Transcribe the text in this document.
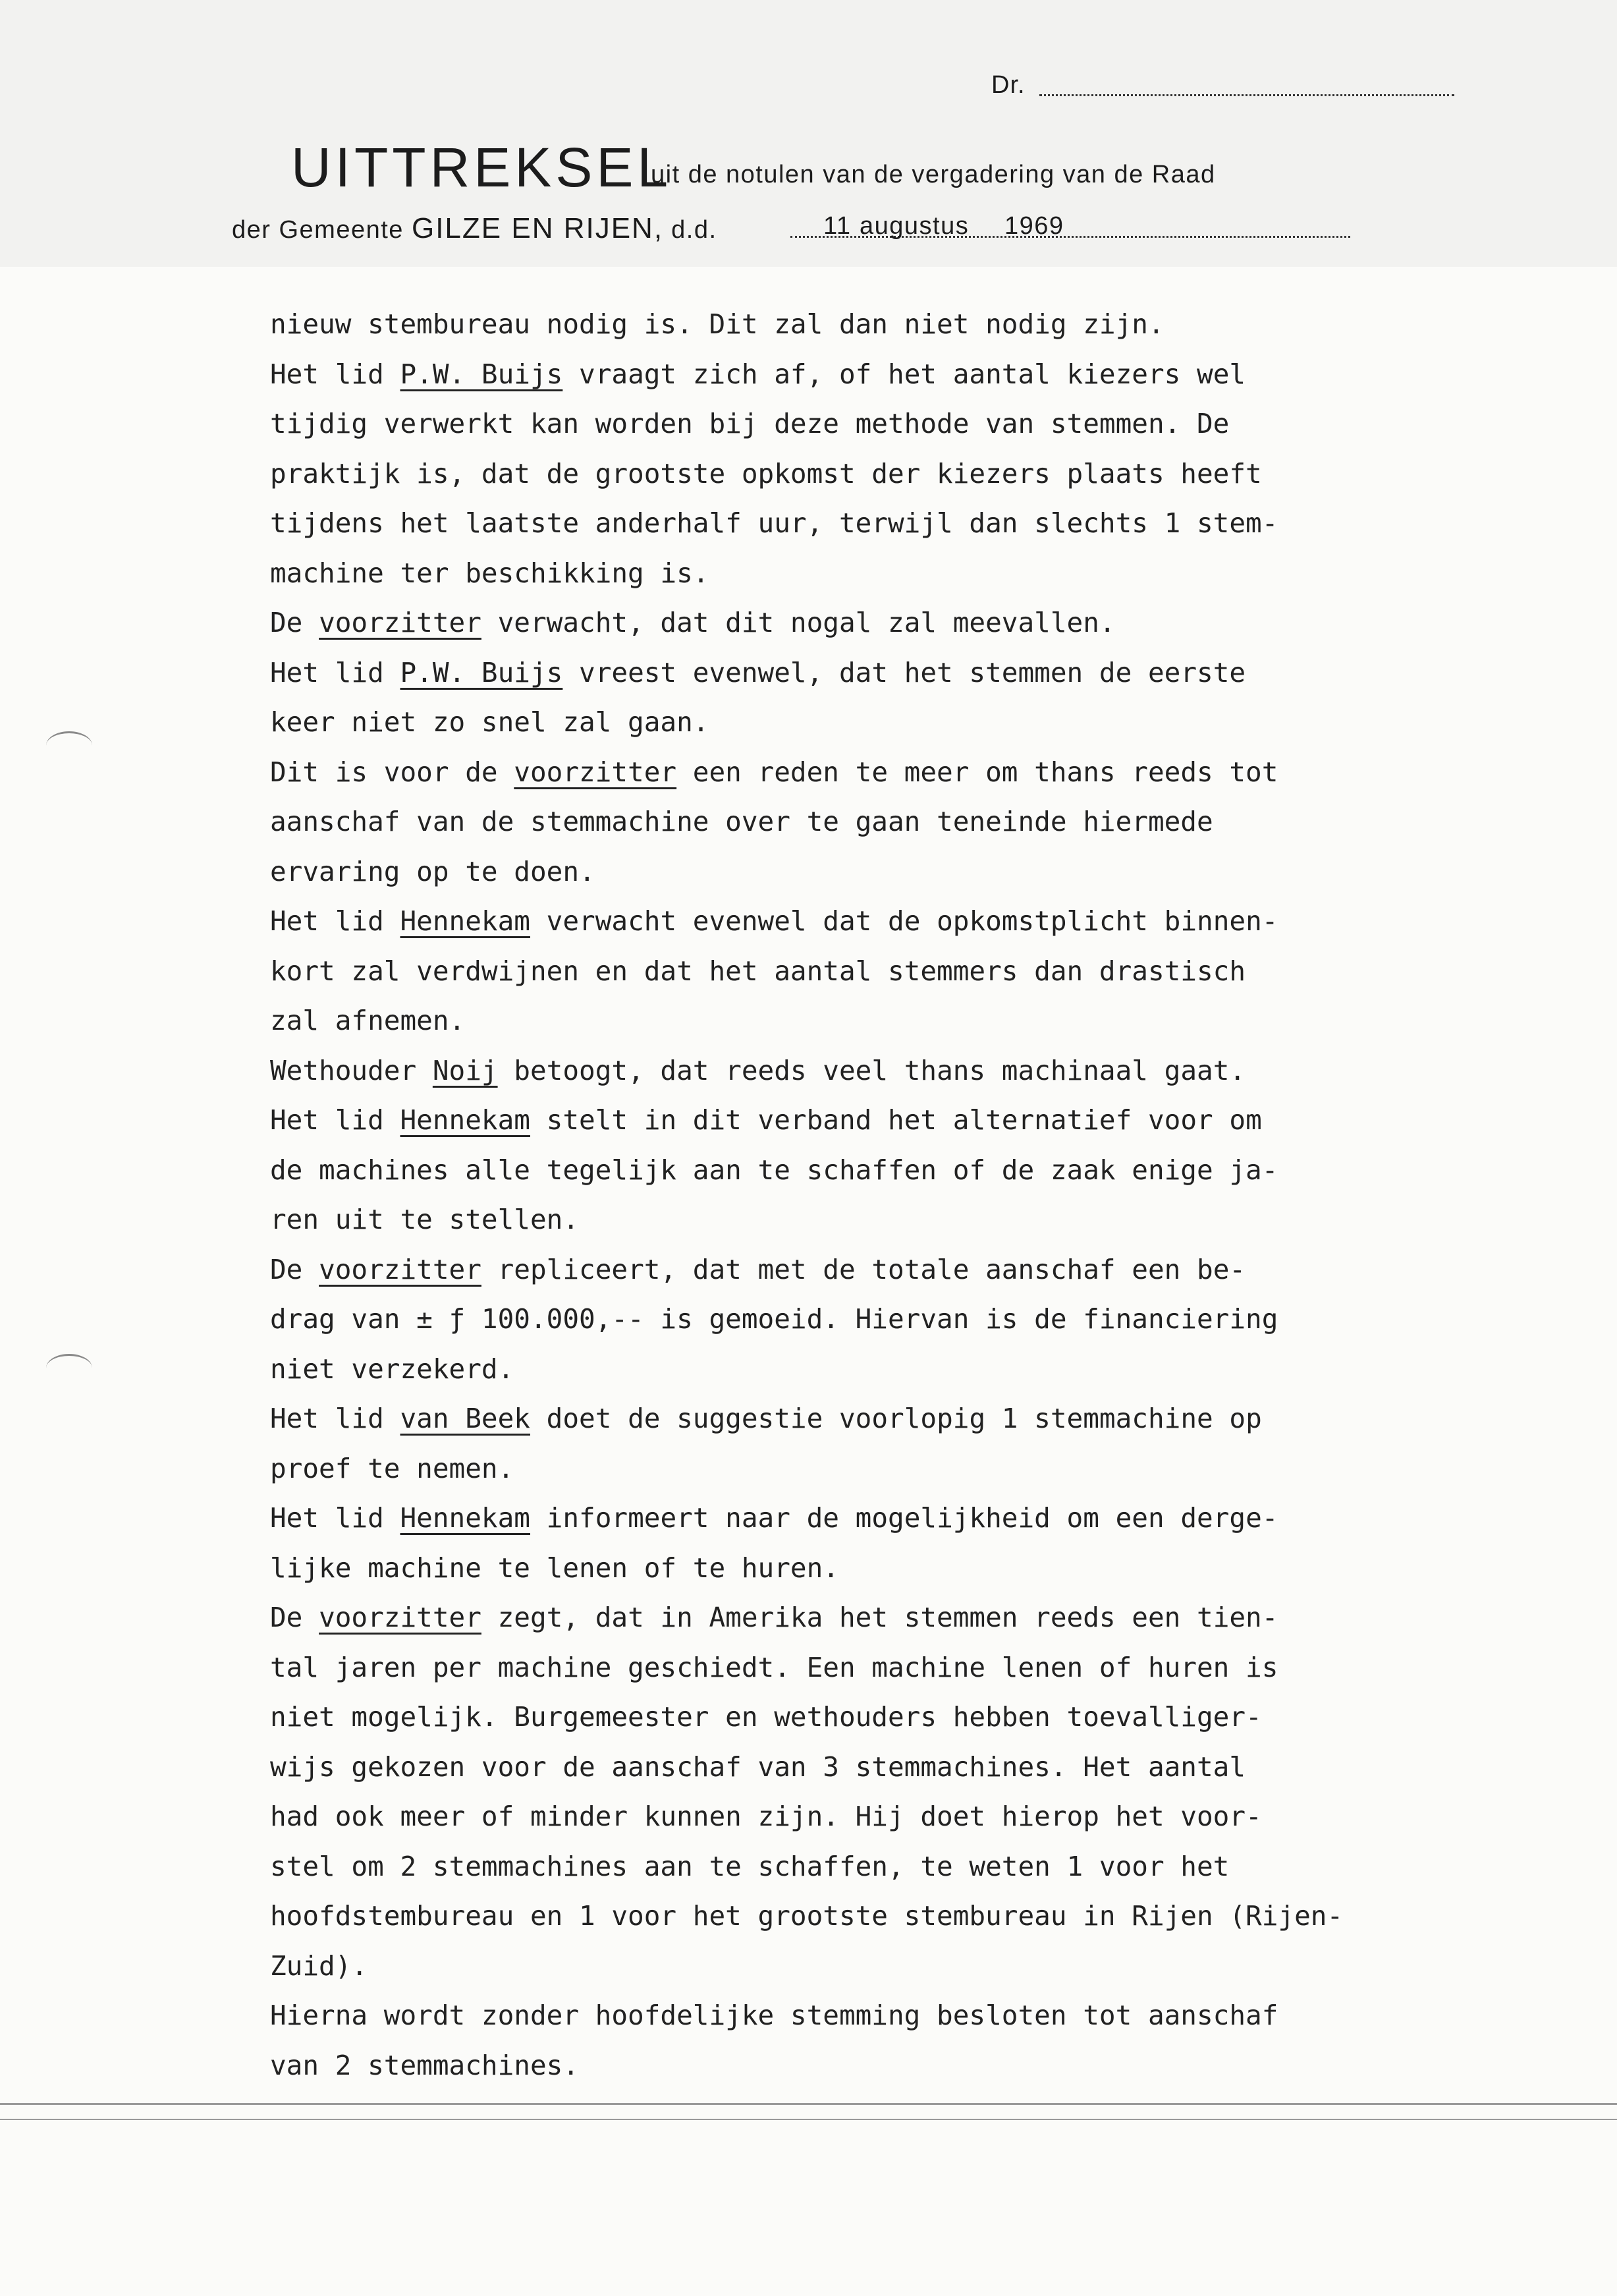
Dr.
UITTREKSEL
uit de notulen van de vergadering van de Raad
der Gemeente GILZE EN RIJEN, d.d.	11 augustus 1969
nieuw stembureau nodig is. Dit zal dan niet nodig zijn.
Het lid P.W. Buijs vraagt zich af, of het aantal kiezers wel
tijdig verwerkt kan worden bij deze methode van stemmen. De
praktijk is, dat de grootste opkomst der kiezers plaats heeft
tijdens het laatste anderhalf uur, terwijl dan slechts 1 stem-
machine ter beschikking is.
De voorzitter verwacht, dat dit nogal zal meevallen.
Het lid P.W. Buijs vreest evenwel, dat het stemmen de eerste
keer niet zo snel zal gaan.
Dit is voor de voorzitter een reden te meer om thans reeds tot
aanschaf van de stemmachine over te gaan teneinde hiermede
ervaring op te doen.
Het lid Hennekam verwacht evenwel dat de opkomstplicht binnen-
kort zal verdwijnen en dat het aantal stemmers dan drastisch
zal afnemen.
Wethouder Noij betoogt, dat reeds veel thans machinaal gaat.
Het lid Hennekam stelt in dit verband het alternatief voor om
de machines alle tegelijk aan te schaffen of de zaak enige ja-
ren uit te stellen.
De voorzitter repliceert, dat met de totale aanschaf een be-
drag van ± ƒ 100.000,-- is gemoeid. Hiervan is de financiering
niet verzekerd.
Het lid van Beek doet de suggestie voorlopig 1 stemmachine op
proef te nemen.
Het lid Hennekam informeert naar de mogelijkheid om een derge-
lijke machine te lenen of te huren.
De voorzitter zegt, dat in Amerika het stemmen reeds een tien-
tal jaren per machine geschiedt. Een machine lenen of huren is
niet mogelijk. Burgemeester en wethouders hebben toevalliger-
wijs gekozen voor de aanschaf van 3 stemmachines. Het aantal
had ook meer of minder kunnen zijn. Hij doet hierop het voor-
stel om 2 stemmachines aan te schaffen, te weten 1 voor het
hoofdstembureau en 1 voor het grootste stembureau in Rijen (Rijen-
Zuid).
Hierna wordt zonder hoofdelijke stemming besloten tot aanschaf
van 2 stemmachines.
